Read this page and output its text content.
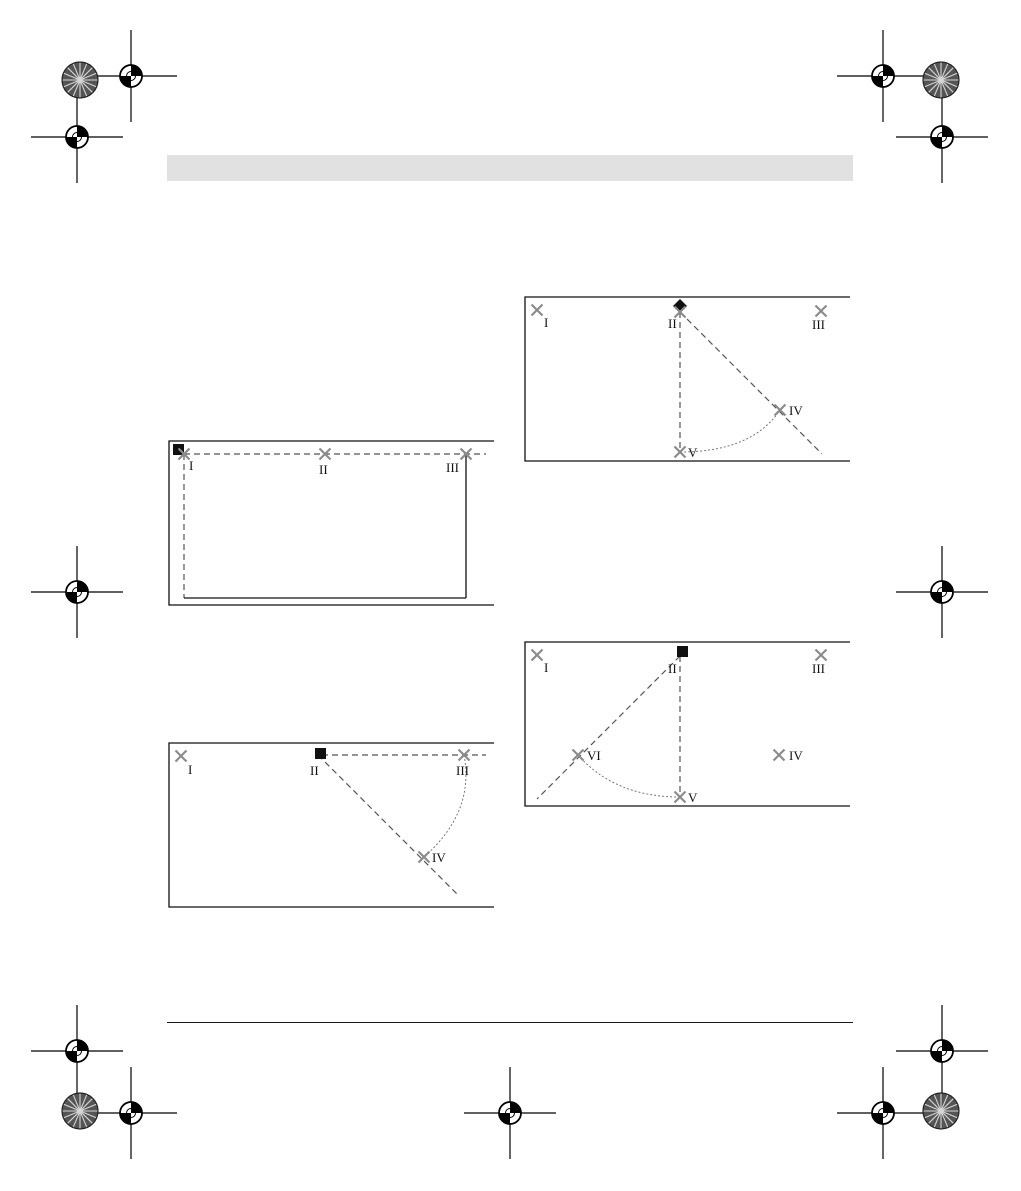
I	II	III
I	II	III
IV
I	II	III
IV
V
I	II	III
IV
V
VI
